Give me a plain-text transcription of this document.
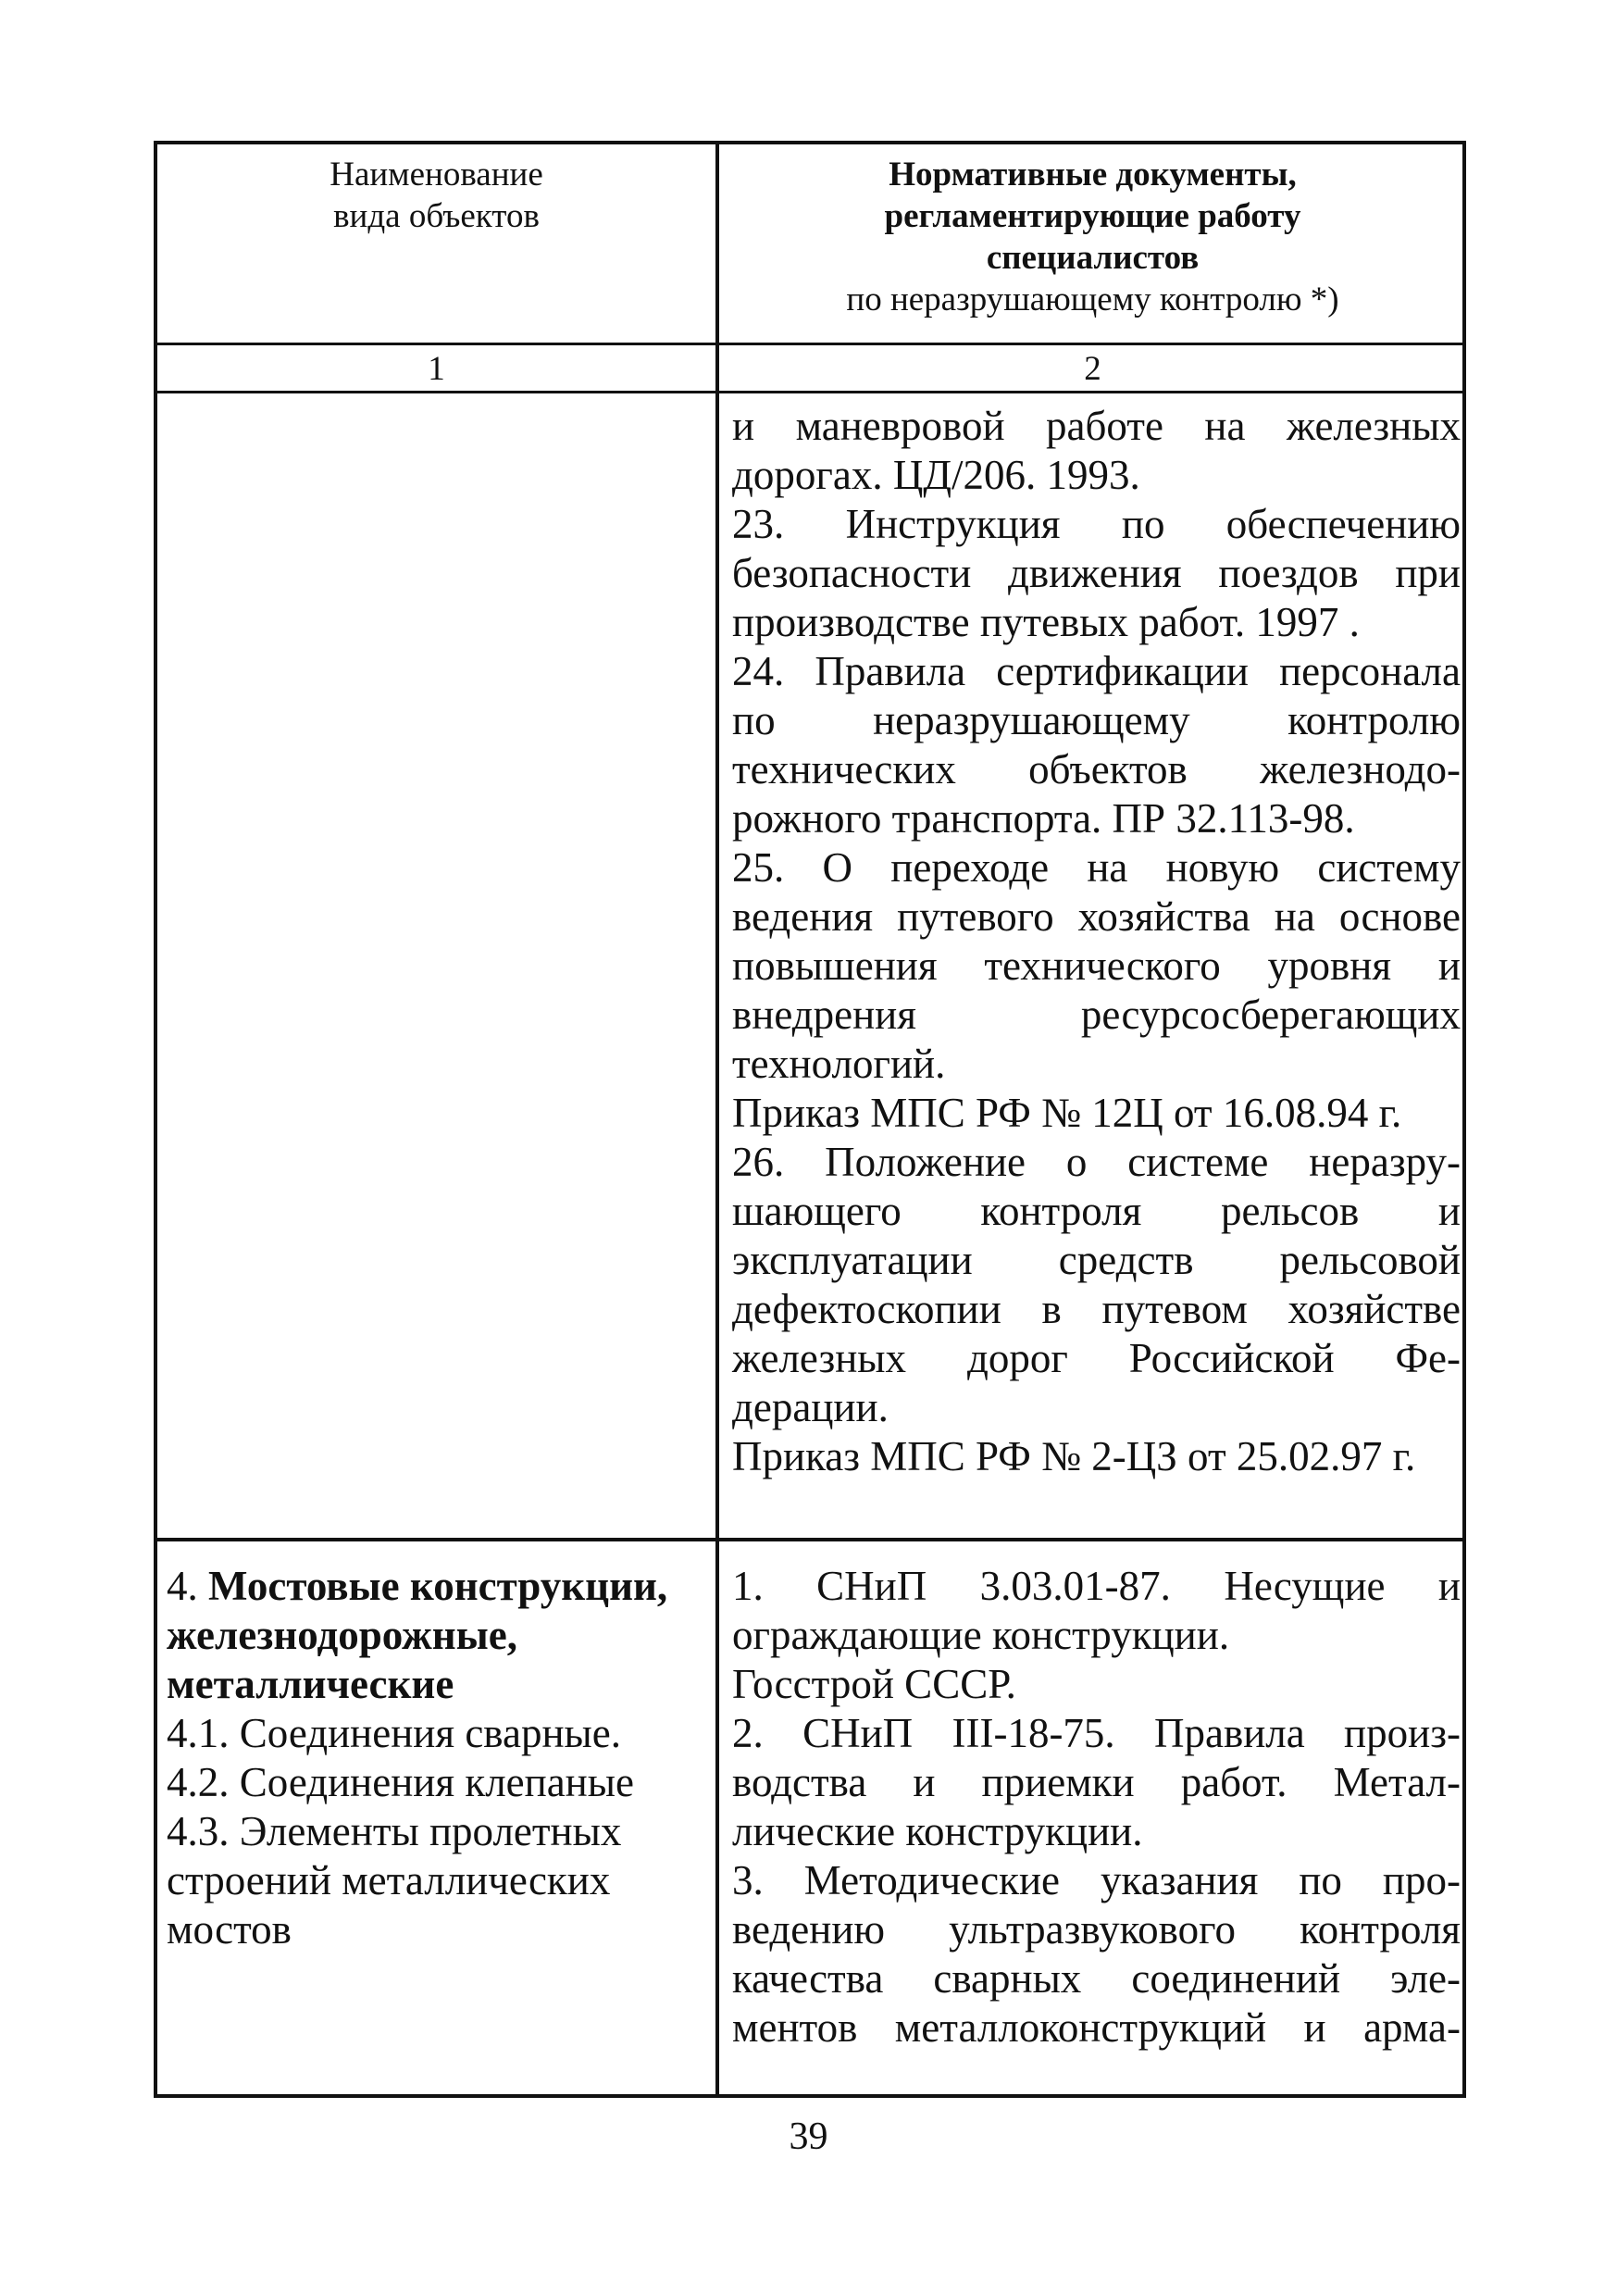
Наименование
вида объектов
Нормативные документы,
регламентирующие работу
специалистов
по неразрушающему контролю *)
1	2

и маневровой работе на железных

дорогах. ЦД/206. 1993.

23. Инструкция по обеспечению

безопасности движения поездов при

производстве путевых работ. 1997 .

24. Правила сертификации персонала

по неразрушающему контролю

технических объектов железнодо-

рожного транспорта. ПР 32.113-98.

25. О переходе на новую систему

ведения путевого хозяйства на основе

повышения технического уровня и

внедрения ресурсосберегающих

технологий.

Приказ МПС РФ № 12Ц от 16.08.94 г.

26. Положение о системе неразру-

шающего контроля рельсов и

эксплуатации средств рельсовой

дефектоскопии в путевом хозяйстве

железных дорог Российской Фе-

дерации.

Приказ МПС РФ № 2-ЦЗ от 25.02.97 г.

4. Мостовые конструкции,

железнодорожные,

металлические

4.1. Соединения сварные.

4.2. Соединения клепаные

4.3. Элементы пролетных

строений металлических

мостов

1. СНиП 3.03.01-87. Несущие и

ограждающие конструкции.

Госстрой СССР.

2. СНиП III-18-75. Правила произ-

водства и приемки работ. Метал-

лические конструкции.

3. Методические указания по про-

ведению ультразвукового контроля

качества сварных соединений эле-

ментов металлоконструкций и арма-

39
